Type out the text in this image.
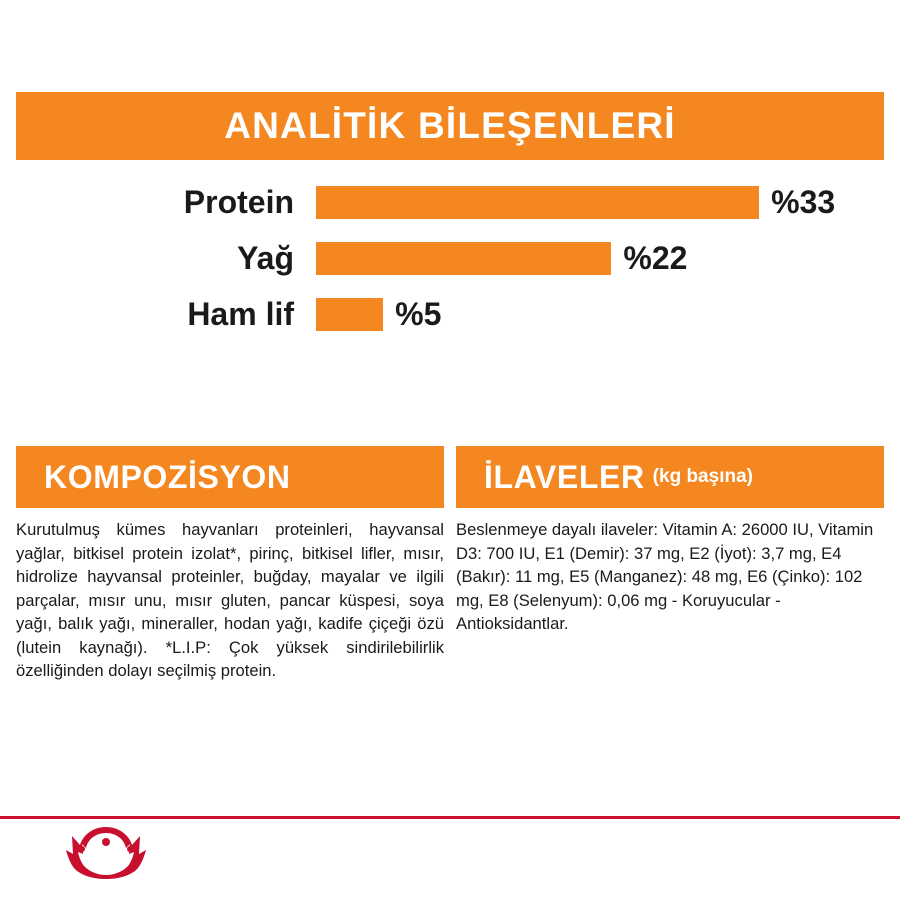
ANALİTİK BİLEŞENLERİ
Protein	%33
Yağ	%22
Ham lif	%5
KOMPOZİSYON
Kurutulmuş kümes hayvanları proteinleri, hayvansal yağlar, bitkisel protein izolat*, pirinç, bitkisel lifler, mısır, hidrolize hayvansal proteinler, buğday, mayalar ve ilgili parçalar, mısır unu, mısır gluten, pancar küspesi, soya yağı, balık yağı, mineraller, hodan yağı, kadife çiçeği özü (lutein kaynağı). *L.I.P: Çok yüksek sindirilebilirlik özelliğinden dolayı seçilmiş protein.
İLAVELER (kg başına)
Beslenmeye dayalı ilaveler: Vitamin A: 26000 IU, Vitamin D3: 700 IU, E1 (Demir): 37 mg, E2 (İyot): 3,7 mg, E4 (Bakır): 11 mg, E5 (Manganez): 48 mg, E6 (Çinko): 102 mg, E8 (Selenyum): 0,06 mg - Koruyucular - Antioksidantlar.
